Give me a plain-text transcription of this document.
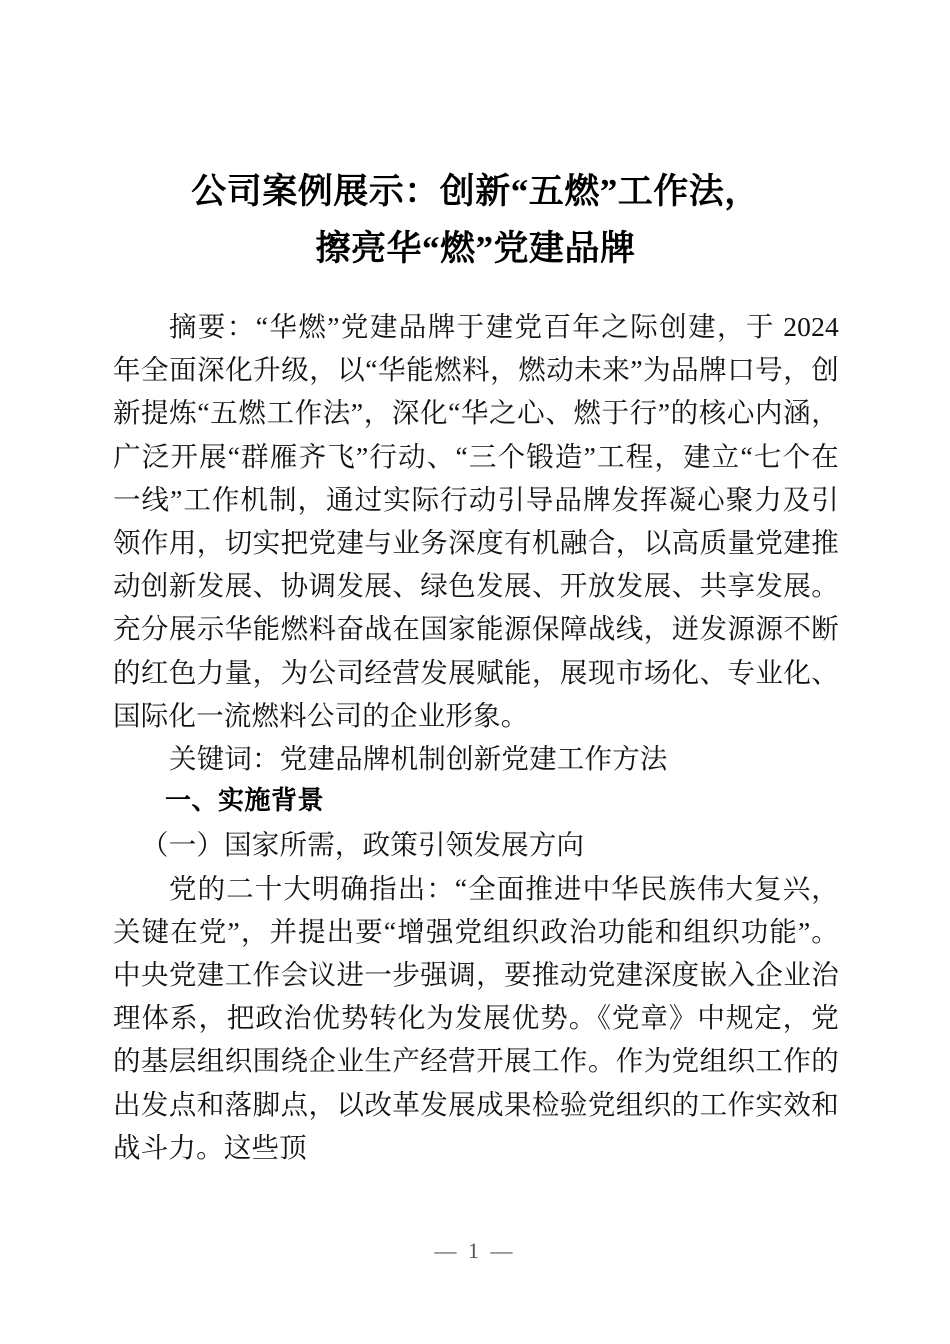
公司案例展示：创新“五燃”工作法，
擦亮华“燃”党建品牌

摘要：“华燃”党建品牌于建党百年之际创建，于 2024 年全面深化升级，以“华能燃料，燃动未来”为品牌口号，创新提炼“五燃工作法”，深化“华之心、燃于行”的核心内涵，广泛开展“群雁齐飞”行动、“三个锻造”工程，建立“七个在一线”工作机制，通过实际行动引导品牌发挥凝心聚力及引领作用，切实把党建与业务深度有机融合，以高质量党建推动创新发展、协调发展、绿色发展、开放发展、共享发展。充分展示华能燃料奋战在国家能源保障战线，迸发源源不断的红色力量，为公司经营发展赋能，展现市场化、专业化、国际化一流燃料公司的企业形象。

关键词：党建品牌机制创新党建工作方法

一、实施背景

（一）国家所需，政策引领发展方向

党的二十大明确指出：“全面推进中华民族伟大复兴，关键在党”，并提出要“增强党组织政治功能和组织功能”。中央党建工作会议进一步强调，要推动党建深度嵌入企业治理体系，把政治优势转化为发展优势。《党章》中规定，党的基层组织围绕企业生产经营开展工作。作为党组织工作的出发点和落脚点，以改革发展成果检验党组织的工作实效和战斗力。这些顶

— 1 —
